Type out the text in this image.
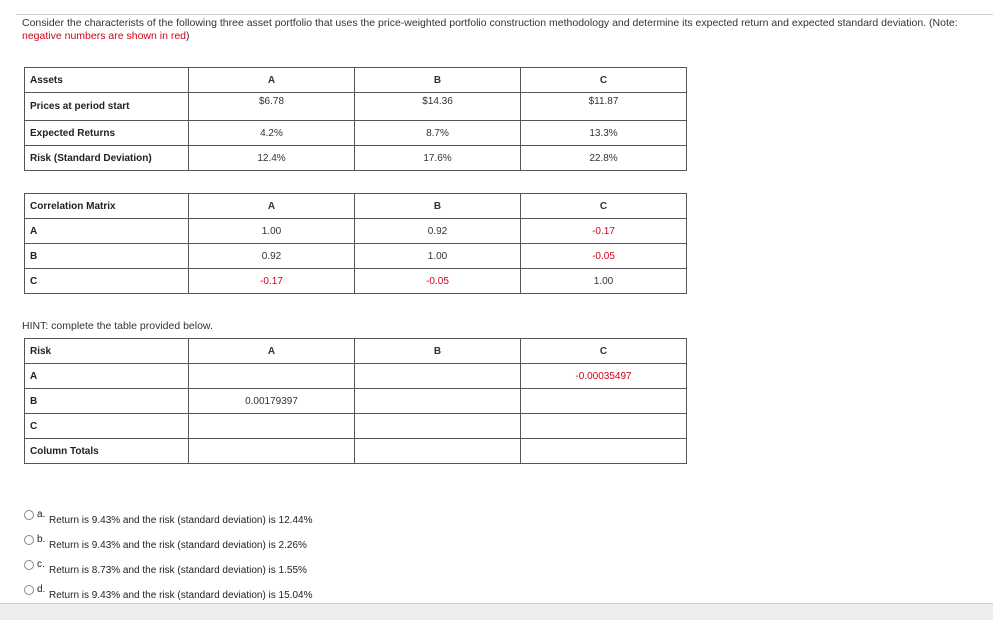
Consider the characterists of the following three asset portfolio that uses the price-weighted portfolio construction methodology and determine its expected return and expected standard deviation. (Note: negative numbers are shown in red)
Assets	A	B	C
Prices at period start	$6.78	$14.36	$11.87
Expected Returns	4.2%	8.7%	13.3%
Risk (Standard Deviation)	12.4%	17.6%	22.8%
Correlation Matrix	A	B	C
A	1.00	0.92	-0.17
B	0.92	1.00	-0.05
C	-0.17	-0.05	1.00
HINT: complete the table provided below.
Risk	A	B	C
A			-0.00035497
B	0.00179397		
C			
Column Totals			
a.
Return is 9.43% and the risk (standard deviation) is 12.44%
b.
Return is 9.43% and the risk (standard deviation) is 2.26%
c.
Return is 8.73% and the risk (standard deviation) is 1.55%
d.
Return is 9.43% and the risk (standard deviation) is 15.04%
